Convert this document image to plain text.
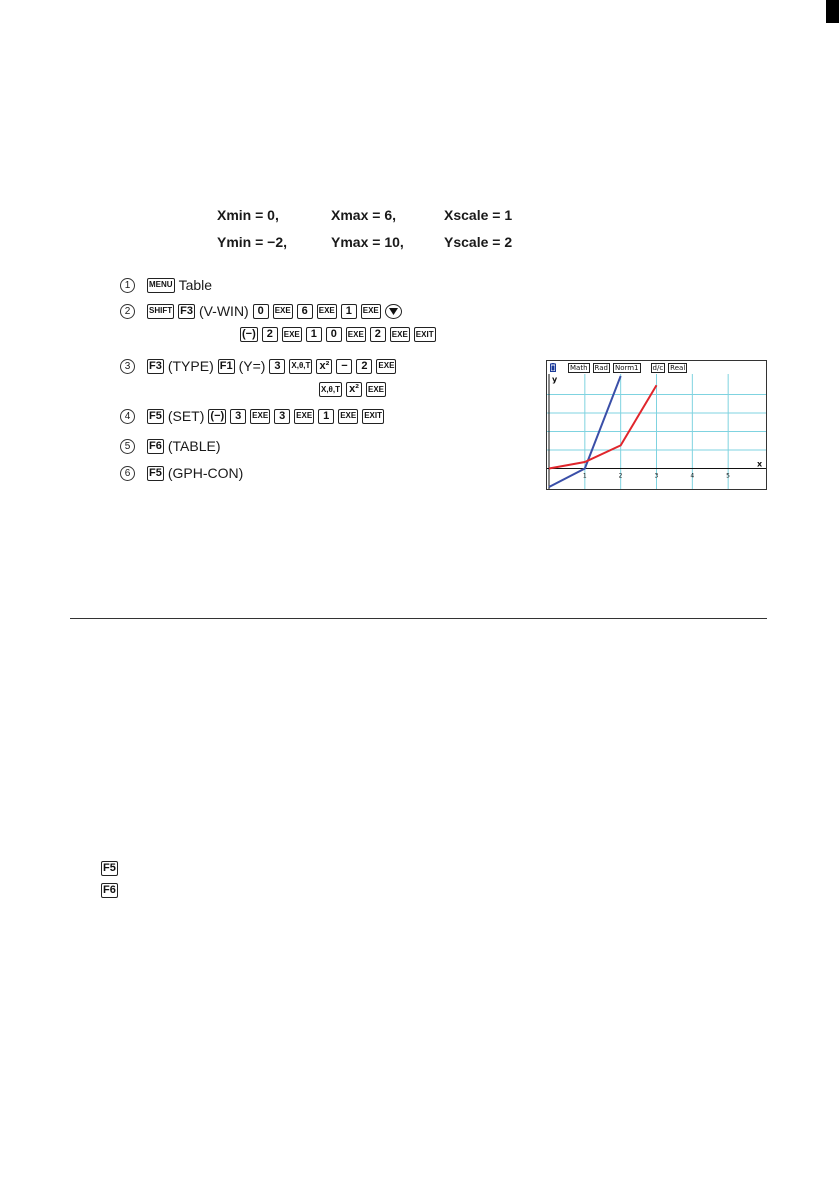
Xmin = 0,	Xmax = 6,	Xscale = 1
Ymin = −2,	Ymax = 10,	Yscale = 2
1	MENU Table
2	SHIFT F3 (V-WIN) 0	EXE 6	EXE 1	EXE
(−) 2	EXE 1	0	EXE 2	EXE EXIT
3	F3 (TYPE) F1 (Y=) 3	X,θ,T x²	−	2	EXE
X,θ,T x²	EXE
4	F5 (SET) (−) 3	EXE 3	EXE 1	EXE EXIT
5	F6 (TABLE)
6	F5 (GPH-CON)
Math Rad Norm1 d/c Real
1	2	3	4	5
y
x
F5
F6
